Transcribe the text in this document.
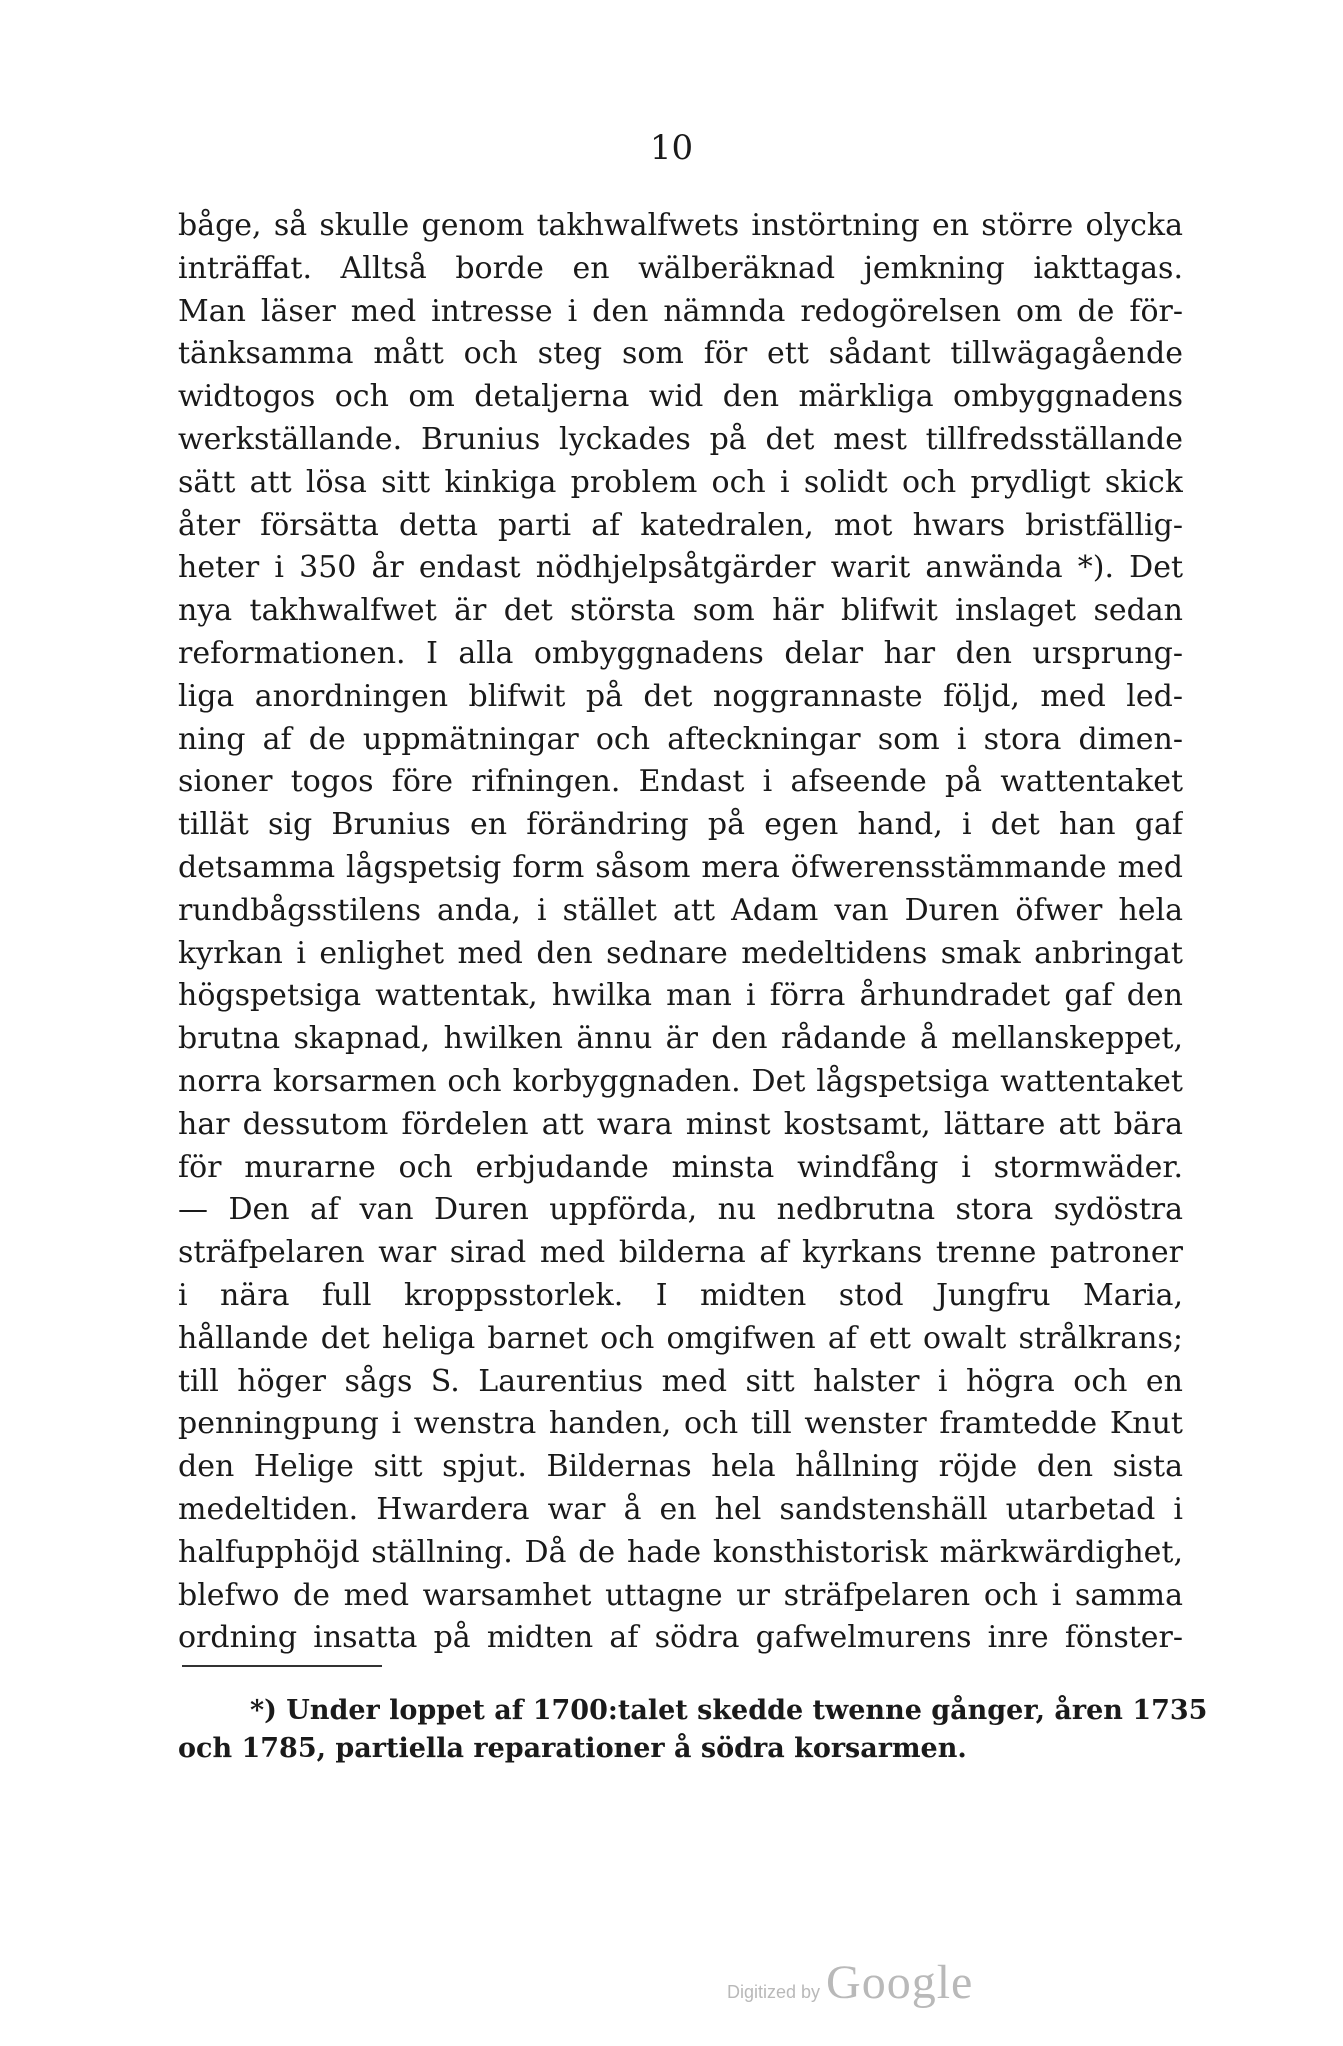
10
båge, så skulle genom takhwalfwets instörtning en större olycka
inträffat. Alltså borde en wälberäknad jemkning iakttagas.
Man läser med intresse i den nämnda redogörelsen om de för-
tänksamma mått och steg som för ett sådant tillwägagående
widtogos och om detaljerna wid den märkliga ombyggnadens
werkställande. Brunius lyckades på det mest tillfredsställande
sätt att lösa sitt kinkiga problem och i solidt och prydligt skick
åter försätta detta parti af katedralen, mot hwars bristfällig-
heter i 350 år endast nödhjelpsåtgärder warit anwända *). Det
nya takhwalfwet är det största som här blifwit inslaget sedan
reformationen. I alla ombyggnadens delar har den ursprung-
liga anordningen blifwit på det noggrannaste följd, med led-
ning af de uppmätningar och afteckningar som i stora dimen-
sioner togos före rifningen. Endast i afseende på wattentaket
tillät sig Brunius en förändring på egen hand, i det han gaf
detsamma lågspetsig form såsom mera öfwerensstämmande med
rundbågsstilens anda, i stället att Adam van Duren öfwer hela
kyrkan i enlighet med den sednare medeltidens smak anbringat
högspetsiga wattentak, hwilka man i förra århundradet gaf den
brutna skapnad, hwilken ännu är den rådande å mellanskeppet,
norra korsarmen och korbyggnaden. Det lågspetsiga wattentaket
har dessutom fördelen att wara minst kostsamt, lättare att bära
för murarne och erbjudande minsta windfång i stormwäder.
— Den af van Duren uppförda, nu nedbrutna stora sydöstra
sträfpelaren war sirad med bilderna af kyrkans trenne patroner
i nära full kroppsstorlek. I midten stod Jungfru Maria,
hållande det heliga barnet och omgifwen af ett owalt strålkrans;
till höger sågs S. Laurentius med sitt halster i högra och en
penningpung i wenstra handen, och till wenster framtedde Knut
den Helige sitt spjut. Bildernas hela hållning röjde den sista
medeltiden. Hwardera war å en hel sandstenshäll utarbetad i
halfupphöjd ställning. Då de hade konsthistorisk märkwärdighet,
blefwo de med warsamhet uttagne ur sträfpelaren och i samma
ordning insatta på midten af södra gafwelmurens inre fönster-
*) Under loppet af 1700:talet skedde twenne gånger, åren 1735
och 1785, partiella reparationer å södra korsarmen.
Digitized by Google
